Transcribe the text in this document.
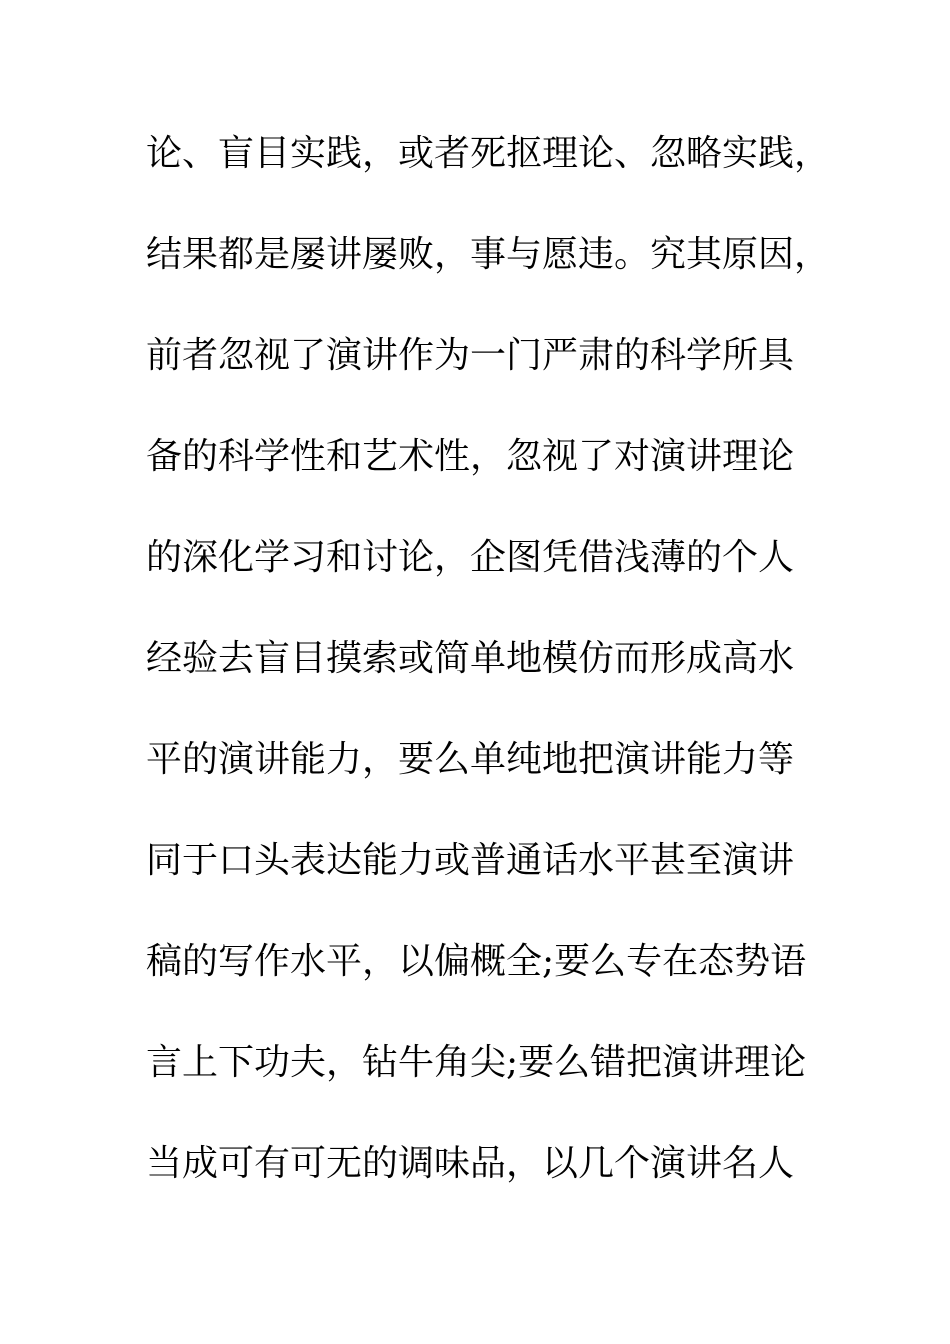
论、盲目实践，或者死抠理论、忽略实践，
结果都是屡讲屡败，事与愿违。究其原因，
前者忽视了演讲作为一门严肃的科学所具
备的科学性和艺术性，忽视了对演讲理论
的深化学习和讨论，企图凭借浅薄的个人
经验去盲目摸索或简单地模仿而形成高水
平的演讲能力，要么单纯地把演讲能力等
同于口头表达能力或普通话水平甚至演讲
稿的写作水平，以偏概全;要么专在态势语
言上下功夫，钻牛角尖;要么错把演讲理论
当成可有可无的调味品，以几个演讲名人
